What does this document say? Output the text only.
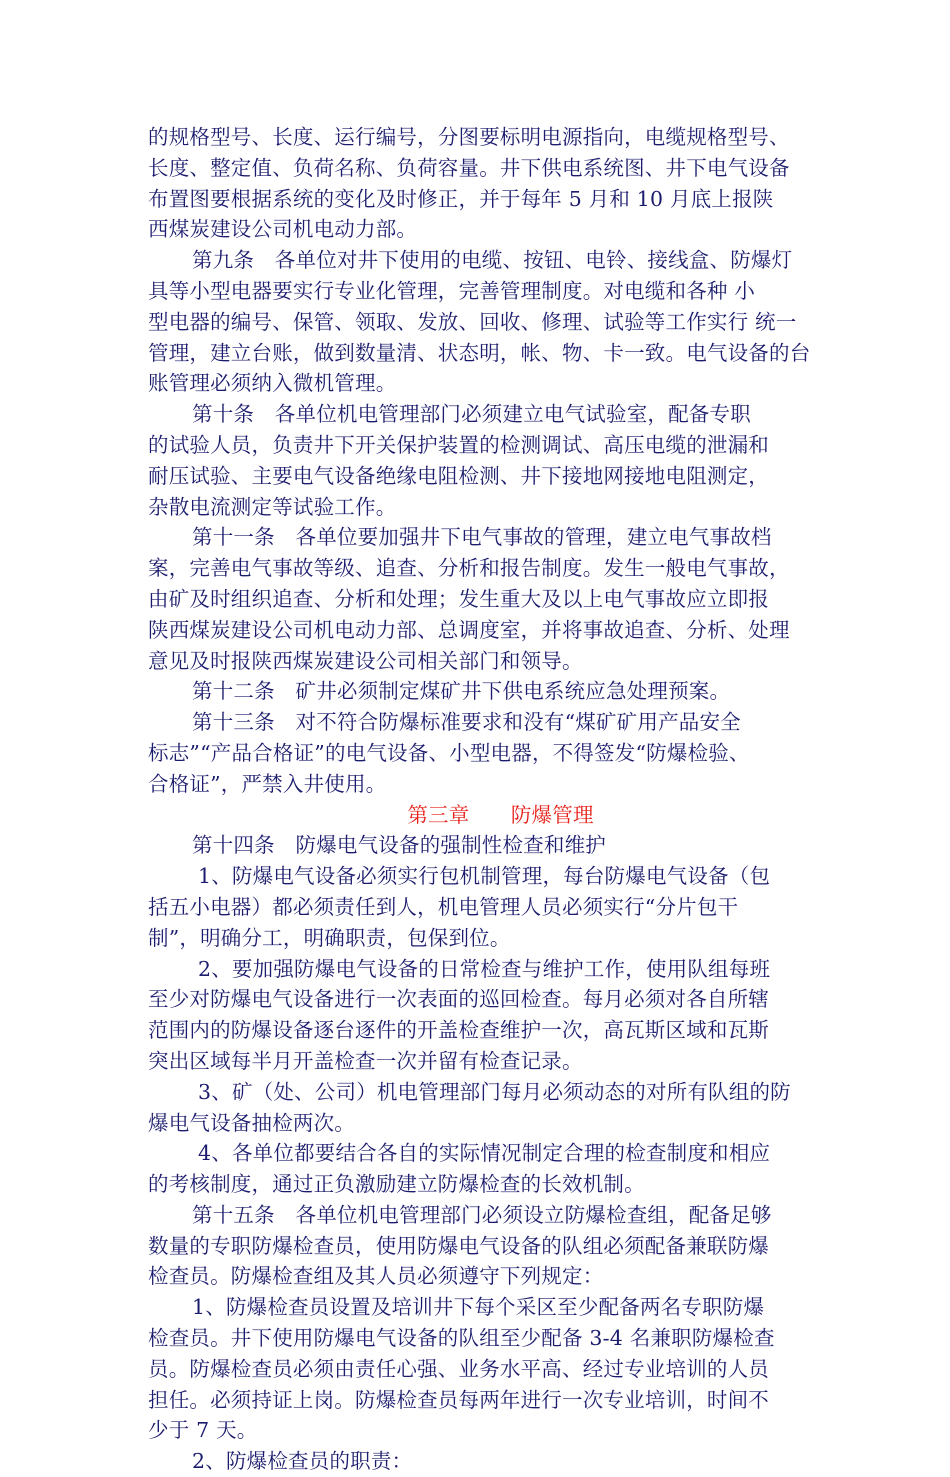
的规格型号、长度、运行编号，分图要标明电源指向，电缆规格型号、
长度、整定值、负荷名称、负荷容量。井下供电系统图、井下电气设备
布置图要根据系统的变化及时修正，并于每年 5 月和 10 月底上报陕
西煤炭建设公司机电动力部。
第九条　各单位对井下使用的电缆、按钮、电铃、接线盒、防爆灯
具等小型电器要实行专业化管理，完善管理制度。对电缆和各种 小
型电器的编号、保管、领取、发放、回收、修理、试验等工作实行 统一
管理，建立台账，做到数量清、状态明，帐、物、卡一致。电气设备的台
账管理必须纳入微机管理。
第十条　各单位机电管理部门必须建立电气试验室，配备专职
的试验人员，负责井下开关保护装置的检测调试、高压电缆的泄漏和
耐压试验、主要电气设备绝缘电阻检测、井下接地网接地电阻测定，
杂散电流测定等试验工作。
第十一条　各单位要加强井下电气事故的管理，建立电气事故档
案，完善电气事故等级、追查、分析和报告制度。发生一般电气事故，
由矿及时组织追查、分析和处理；发生重大及以上电气事故应立即报
陕西煤炭建设公司机电动力部、总调度室，并将事故追查、分析、处理
意见及时报陕西煤炭建设公司相关部门和领导。
第十二条　矿井必须制定煤矿井下供电系统应急处理预案。
第十三条　对不符合防爆标准要求和没有“煤矿矿用产品安全
标志”“产品合格证”的电气设备、小型电器，不得签发“防爆检验、
合格证”，严禁入井使用。
第三章　　防爆管理
第十四条　防爆电气设备的强制性检查和维护
1、防爆电气设备必须实行包机制管理，每台防爆电气设备（包
括五小电器）都必须责任到人，机电管理人员必须实行“分片包干
制”，明确分工，明确职责，包保到位。
2、要加强防爆电气设备的日常检查与维护工作，使用队组每班
至少对防爆电气设备进行一次表面的巡回检查。每月必须对各自所辖
范围内的防爆设备逐台逐件的开盖检查维护一次，高瓦斯区域和瓦斯
突出区域每半月开盖检查一次并留有检查记录。
3、矿（处、公司）机电管理部门每月必须动态的对所有队组的防
爆电气设备抽检两次。
4、各单位都要结合各自的实际情况制定合理的检查制度和相应
的考核制度，通过正负激励建立防爆检查的长效机制。
第十五条　各单位机电管理部门必须设立防爆检查组，配备足够
数量的专职防爆检查员，使用防爆电气设备的队组必须配备兼联防爆
检查员。防爆检查组及其人员必须遵守下列规定：
1、防爆检查员设置及培训井下每个采区至少配备两名专职防爆
检查员。井下使用防爆电气设备的队组至少配备 3-4 名兼职防爆检查
员。防爆检查员必须由责任心强、业务水平高、经过专业培训的人员
担任。必须持证上岗。防爆检查员每两年进行一次专业培训，时间不
少于 7 天。
2、防爆检查员的职责：
